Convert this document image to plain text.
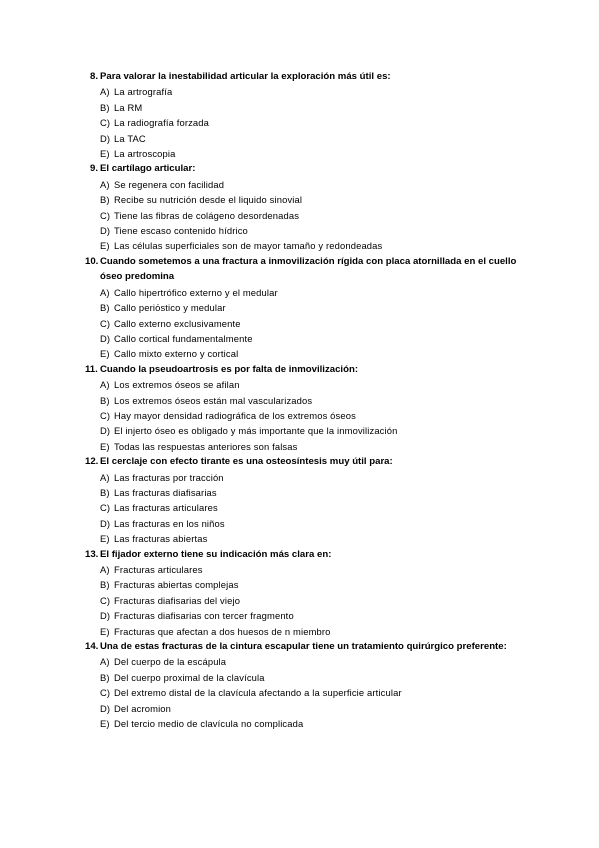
8. Para valorar la inestabilidad articular la exploración más útil es:
A) La artrografía
B) La RM
C) La radiografía forzada
D) La TAC
E) La artroscopia
9. El cartílago articular:
A) Se regenera con facilidad
B) Recibe su nutrición desde el liquido sinovial
C) Tiene las fibras de colágeno desordenadas
D) Tiene escaso contenido hídrico
E) Las células superficiales son de mayor tamaño y redondeadas
10. Cuando sometemos a una fractura a inmovilización rígida con placa atornillada en el cuello óseo predomina
A) Callo hipertrófico externo y el medular
B) Callo periόstico y medular
C) Callo externo exclusivamente
D) Callo cortical fundamentalmente
E) Callo mixto externo y cortical
11. Cuando la pseudoartrosis es por falta de inmovilización:
A) Los extremos óseos se afilan
B) Los extremos óseos están mal vascularizados
C) Hay mayor densidad radiográfica de los extremos óseos
D) El injerto óseo es obligado y más importante que la inmovilización
E) Todas las respuestas anteriores son falsas
12. El cerclaje con efecto tirante es una osteosíntesis muy útil para:
A) Las fracturas por tracción
B) Las fracturas diafisarias
C) Las fracturas articulares
D) Las fracturas en los niños
E) Las fracturas abiertas
13. El fijador externo tiene su indicación más clara en:
A) Fracturas articulares
B) Fracturas abiertas complejas
C) Fracturas diafisarias del viejo
D) Fracturas diafisarias con tercer fragmento
E) Fracturas que afectan a dos huesos de n miembro
14. Una de estas fracturas de la cintura escapular tiene un tratamiento quirúrgico preferente:
A) Del cuerpo de la escápula
B) Del cuerpo proximal de la clavícula
C) Del extremo distal de la clavícula afectando a la superficie articular
D) Del acromion
E) Del tercio medio de clavícula no complicada
